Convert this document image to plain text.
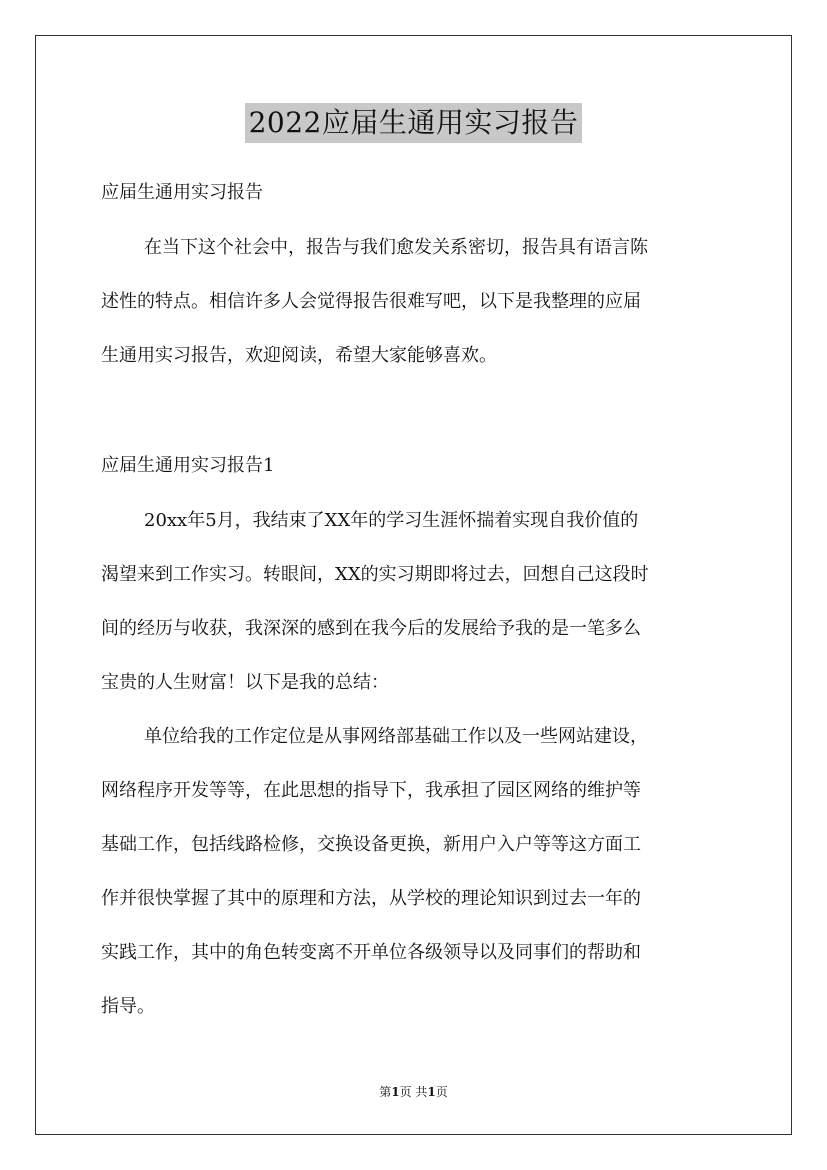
2022应届生通用实习报告
应届生通用实习报告
在当下这个社会中，报告与我们愈发关系密切，报告具有语言陈
述性的特点。相信许多人会觉得报告很难写吧，以下是我整理的应届
生通用实习报告，欢迎阅读，希望大家能够喜欢。
应届生通用实习报告1
20xx年5月，我结束了XX年的学习生涯怀揣着实现自我价值的
渴望来到工作实习。转眼间，XX的实习期即将过去，回想自己这段时
间的经历与收获，我深深的感到在我今后的发展给予我的是一笔多么
宝贵的人生财富！以下是我的总结：
单位给我的工作定位是从事网络部基础工作以及一些网站建设，
网络程序开发等等，在此思想的指导下，我承担了园区网络的维护等
基础工作，包括线路检修，交换设备更换，新用户入户等等这方面工
作并很快掌握了其中的原理和方法，从学校的理论知识到过去一年的
实践工作，其中的角色转变离不开单位各级领导以及同事们的帮助和
指导。
第1页 共1页
